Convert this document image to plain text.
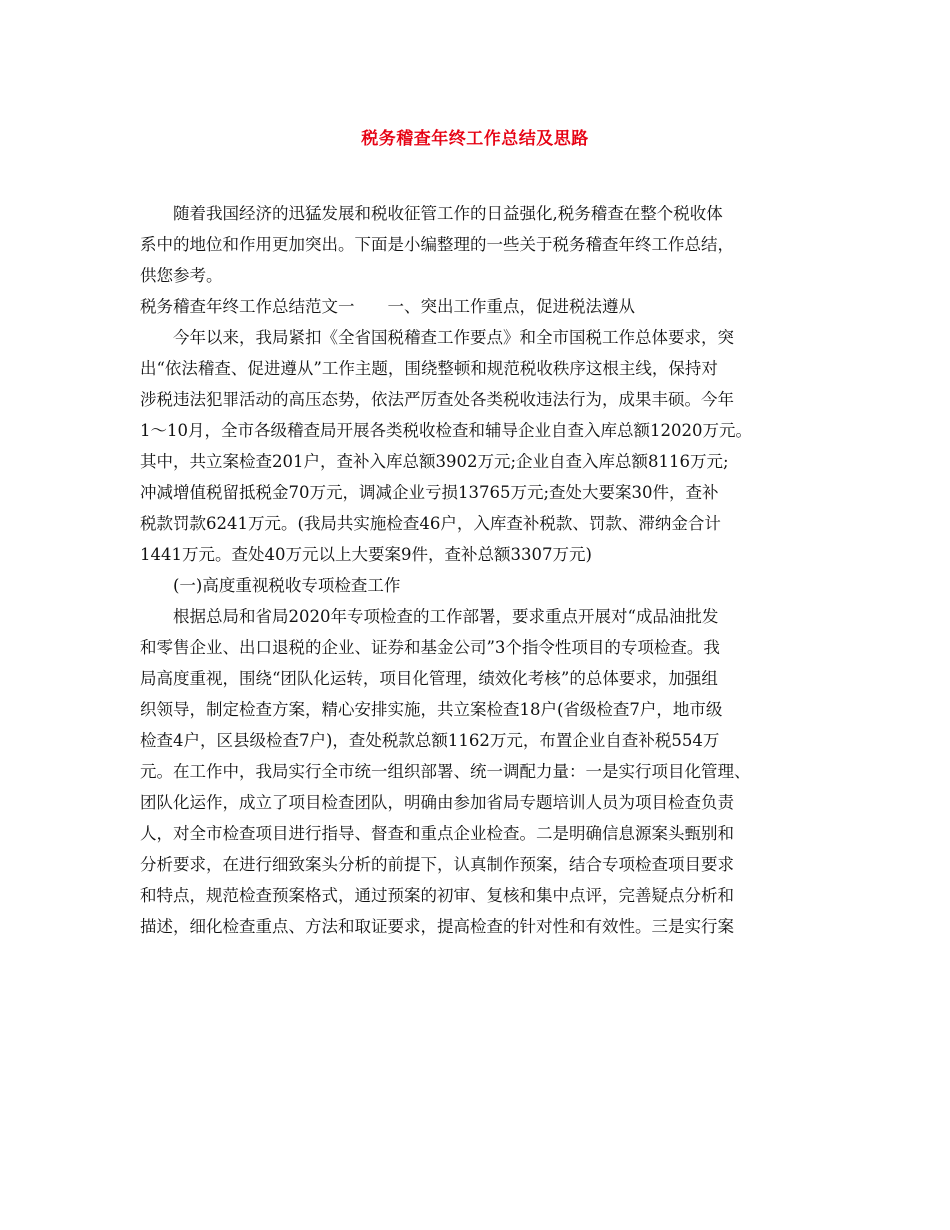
税务稽查年终工作总结及思路
随着我国经济的迅猛发展和税收征管工作的日益强化,税务稽查在整个税收体
系中的地位和作用更加突出。下面是小编整理的一些关于税务稽查年终工作总结，
供您参考。
税务稽查年终工作总结范文一　　一、突出工作重点，促进税法遵从
今年以来，我局紧扣《全省国税稽查工作要点》和全市国税工作总体要求，突
出“依法稽查、促进遵从”工作主题，围绕整顿和规范税收秩序这根主线，保持对
涉税违法犯罪活动的高压态势，依法严厉查处各类税收违法行为，成果丰硕。今年
1～10月，全市各级稽查局开展各类税收检查和辅导企业自查入库总额12020万元。
其中，共立案检查201户，查补入库总额3902万元;企业自查入库总额8116万元;
冲减增值税留抵税金70万元，调减企业亏损13765万元;查处大要案30件，查补
税款罚款6241万元。(我局共实施检查46户，入库查补税款、罚款、滞纳金合计
1441万元。查处40万元以上大要案9件，查补总额3307万元)
(一)高度重视税收专项检查工作
根据总局和省局2020年专项检查的工作部署，要求重点开展对“成品油批发
和零售企业、出口退税的企业、证券和基金公司”3个指令性项目的专项检查。我
局高度重视，围绕“团队化运转，项目化管理，绩效化考核”的总体要求，加强组
织领导，制定检查方案，精心安排实施，共立案检查18户(省级检查7户，地市级
检查4户，区县级检查7户)，查处税款总额1162万元，布置企业自查补税554万
元。在工作中，我局实行全市统一组织部署、统一调配力量：一是实行项目化管理、
团队化运作，成立了项目检查团队，明确由参加省局专题培训人员为项目检查负责
人，对全市检查项目进行指导、督查和重点企业检查。二是明确信息源案头甄别和
分析要求，在进行细致案头分析的前提下，认真制作预案，结合专项检查项目要求
和特点，规范检查预案格式，通过预案的初审、复核和集中点评，完善疑点分析和
描述，细化检查重点、方法和取证要求，提高检查的针对性和有效性。三是实行案
